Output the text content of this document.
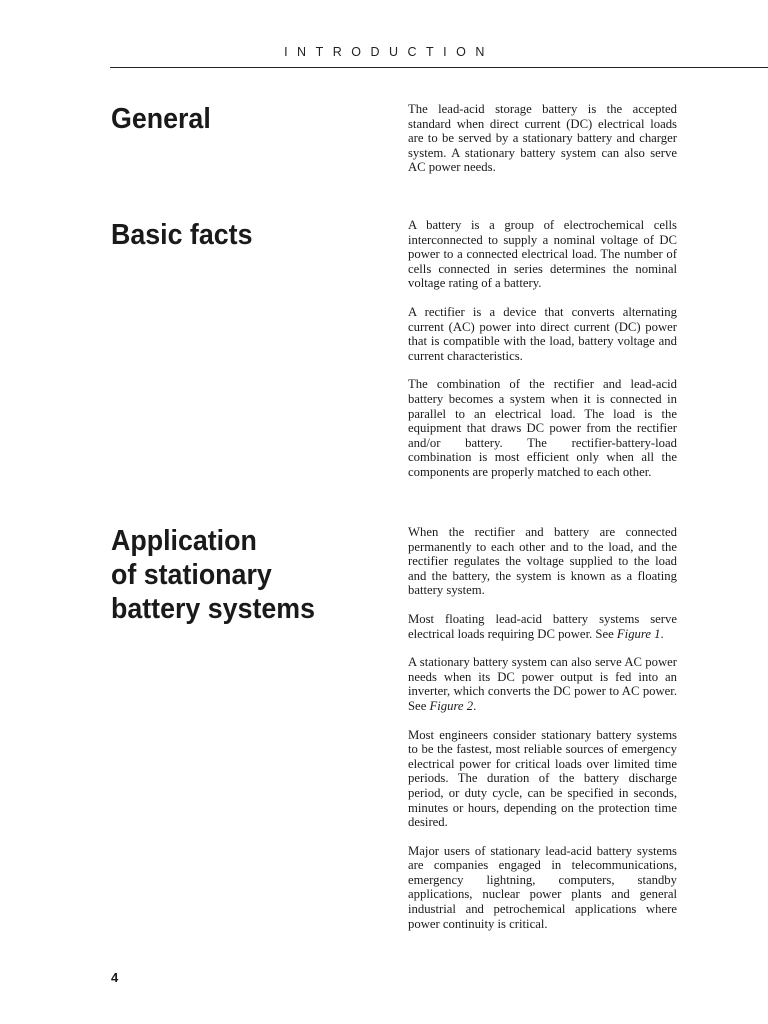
INTRODUCTION
General	The lead-acid storage battery is the accepted standard when direct current (DC) electrical loads are to be served by a stationary battery and charger system. A stationary battery system can also serve AC power needs.

Basic facts	A battery is a group of electrochemical cells interconnected to supply a nominal voltage of DC power to a connected electrical load. The number of cells connected in series determines the nominal voltage rating of a battery.

A rectifier is a device that converts alternating current (AC) power into direct current (DC) power that is compatible with the load, battery voltage and current characteristics.

The combination of the rectifier and lead-acid battery becomes a system when it is connected in parallel to an electrical load. The load is the equipment that draws DC power from the rectifier and/or battery. The rectifier-battery-load combination is most efficient only when all the components are properly matched to each other.

Application
of stationary
battery systems

When the rectifier and battery are connected permanently to each other and to the load, and the rectifier regulates the voltage supplied to the load and the battery, the system is known as a floating battery system.

Most floating lead-acid battery systems serve electrical loads requiring DC power. See Figure 1.

A stationary battery system can also serve AC power needs when its DC power output is fed into an inverter, which converts the DC power to AC power. See Figure 2.

Most engineers consider stationary battery systems to be the fastest, most reliable sources of emergency electrical power for critical loads over limited time periods. The duration of the battery discharge period, or duty cycle, can be specified in seconds, minutes or hours, depending on the protection time desired.

Major users of stationary lead-acid battery systems are companies engaged in telecommunications, emergency lightning, computers, standby applications, nuclear power plants and general industrial and petrochemical applications where power continuity is critical.

4
